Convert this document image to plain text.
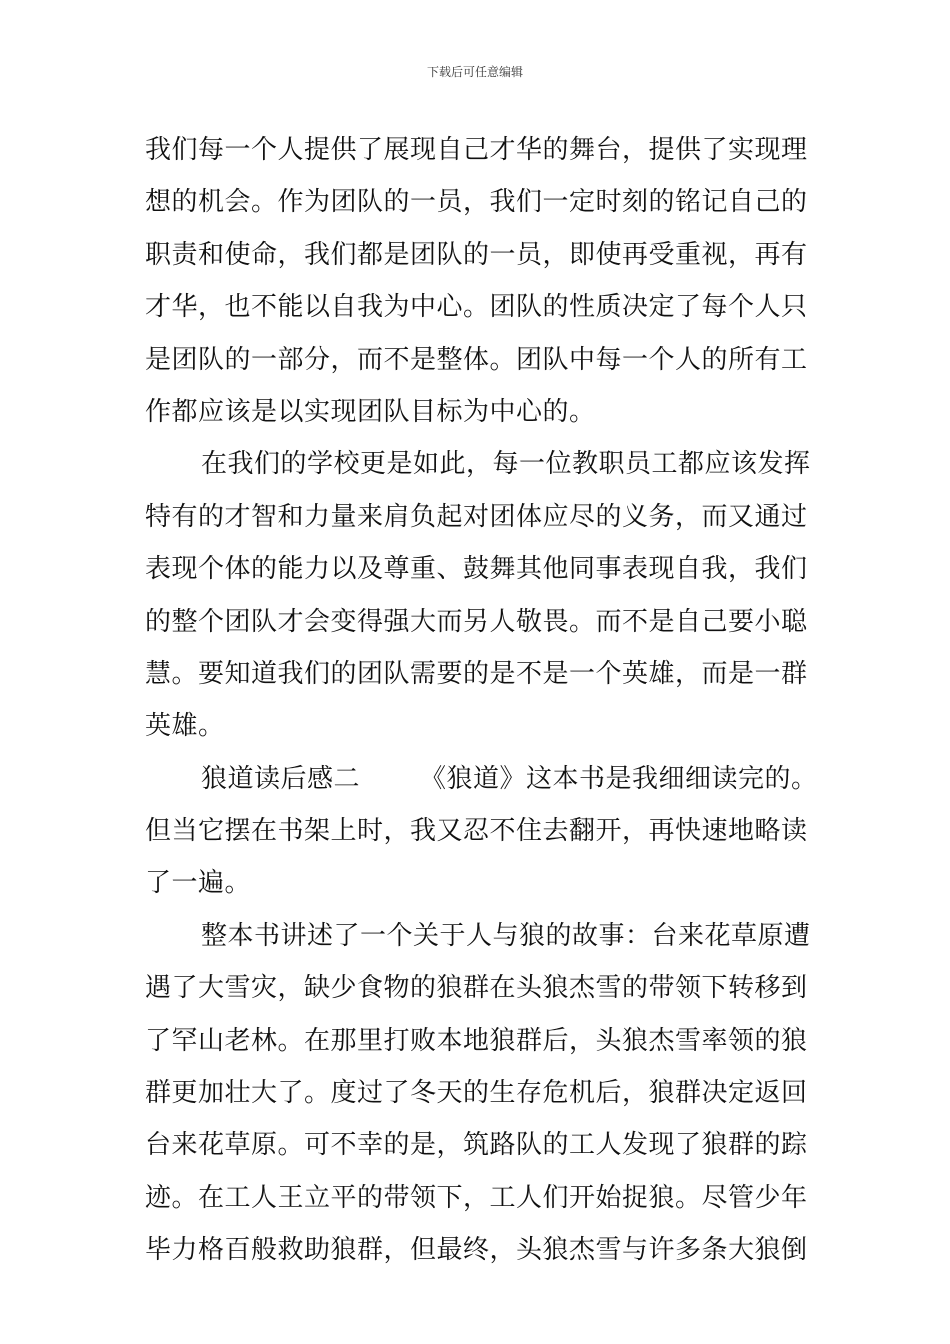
下载后可任意编辑
我们每一个人提供了展现自己才华的舞台，提供了实现理
想的机会。作为团队的一员，我们一定时刻的铭记自己的
职责和使命，我们都是团队的一员，即使再受重视，再有
才华，也不能以自我为中心。团队的性质决定了每个人只
是团队的一部分，而不是整体。团队中每一个人的所有工
作都应该是以实现团队目标为中心的。
在我们的学校更是如此，每一位教职员工都应该发挥
特有的才智和力量来肩负起对团体应尽的义务，而又通过
表现个体的能力以及尊重、鼓舞其他同事表现自我，我们
的整个团队才会变得强大而另人敬畏。而不是自己要小聪
慧。要知道我们的团队需要的是不是一个英雄，而是一群
英雄。
狼道读后感二 《狼道》这本书是我细细读完的。
但当它摆在书架上时，我又忍不住去翻开，再快速地略读
了一遍。
整本书讲述了一个关于人与狼的故事：台来花草原遭
遇了大雪灾，缺少食物的狼群在头狼杰雪的带领下转移到
了罕山老林。在那里打败本地狼群后，头狼杰雪率领的狼
群更加壮大了。度过了冬天的生存危机后，狼群决定返回
台来花草原。可不幸的是，筑路队的工人发现了狼群的踪
迹。在工人王立平的带领下，工人们开始捉狼。尽管少年
毕力格百般救助狼群，但最终，头狼杰雪与许多条大狼倒
